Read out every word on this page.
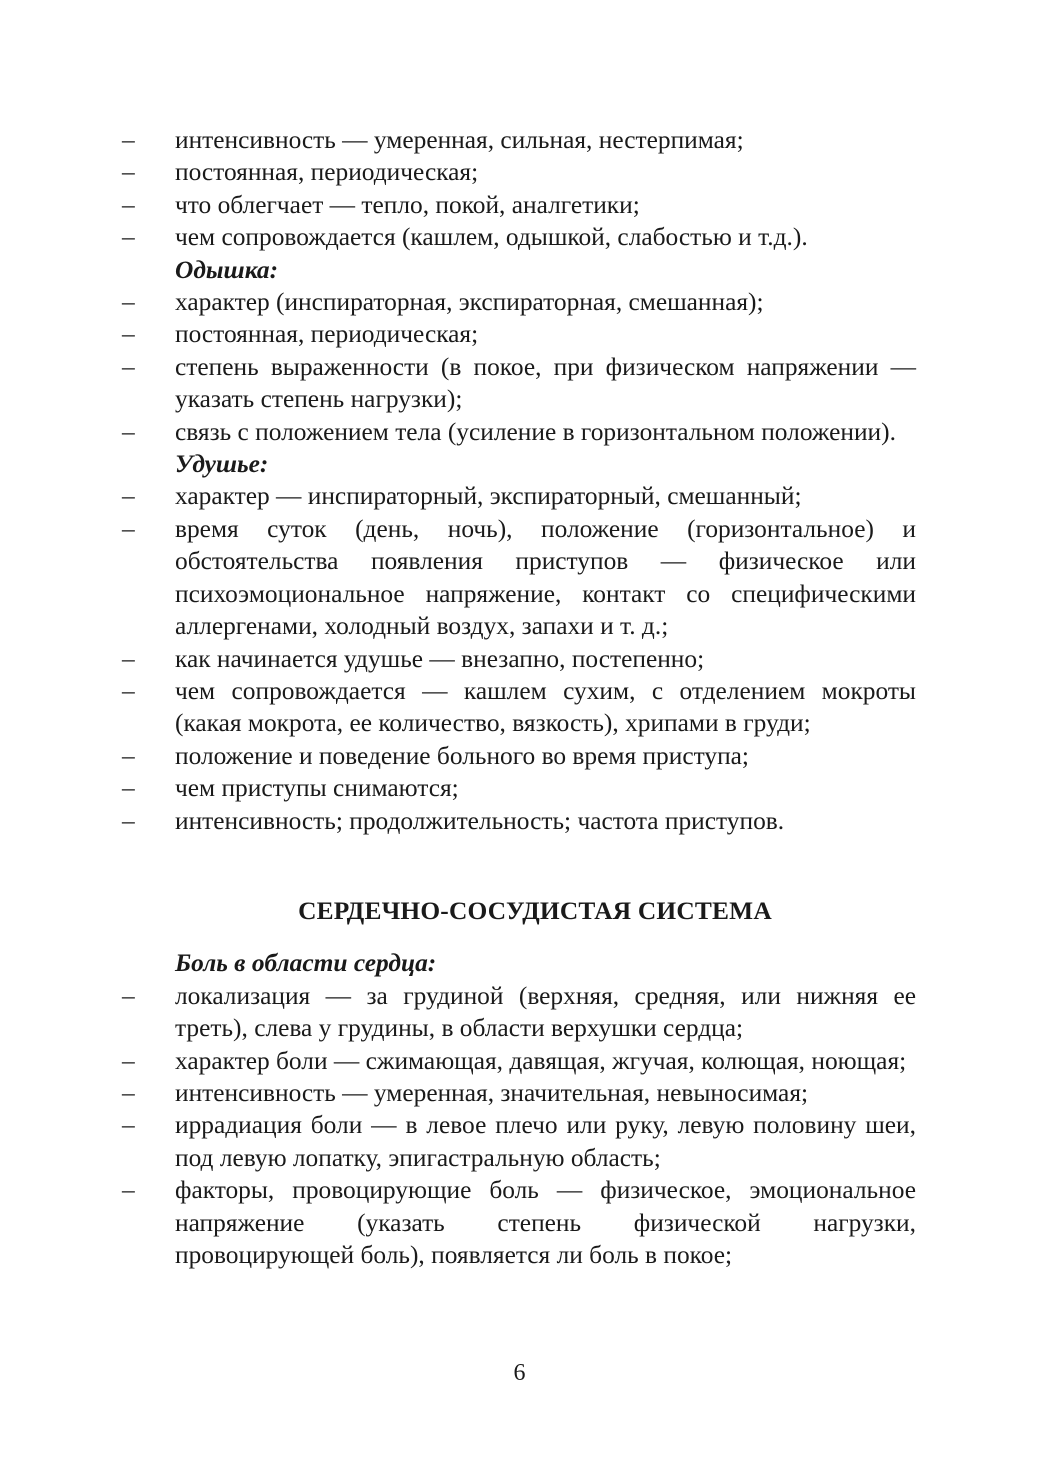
– интенсивность — умеренная, сильная, нестерпимая;
– постоянная, периодическая;
– что облегчает — тепло, покой, аналгетики;
– чем сопровождается (кашлем, одышкой, слабостью и т.д.).
Одышка:
– характер (инспираторная, экспираторная, смешанная);
– постоянная, периодическая;
– степень выраженности (в покое, при физическом напряжении — указать степень нагрузки);
– связь с положением тела (усиление в горизонтальном положении).
Удушье:
– характер — инспираторный, экспираторный, смешанный;
– время суток (день, ночь), положение (горизонтальное) и обстоятельства появления приступов — физическое или психоэмоциональное напряжение, контакт со специфическими аллергенами, холодный воздух, запахи и т. д.;
– как начинается удушье — внезапно, постепенно;
– чем сопровождается — кашлем сухим, с отделением мокроты (какая мокрота, ее количество, вязкость), хрипами в груди;
– положение и поведение больного во время приступа;
– чем приступы снимаются;
– интенсивность; продолжительность; частота приступов.
СЕРДЕЧНО-СОСУДИСТАЯ СИСТЕМА
Боль в области сердца:
– локализация — за грудиной (верхняя, средняя, или нижняя ее треть), слева у грудины, в области верхушки сердца;
– характер боли — сжимающая, давящая, жгучая, колющая, ноющая;
– интенсивность — умеренная, значительная, невыносимая;
– иррадиация боли — в левое плечо или руку, левую половину шеи, под левую лопатку, эпигастральную область;
– факторы, провоцирующие боль — физическое, эмоциональное напряжение (указать степень физической нагрузки, провоцирующей боль), появляется ли боль в покое;
6
